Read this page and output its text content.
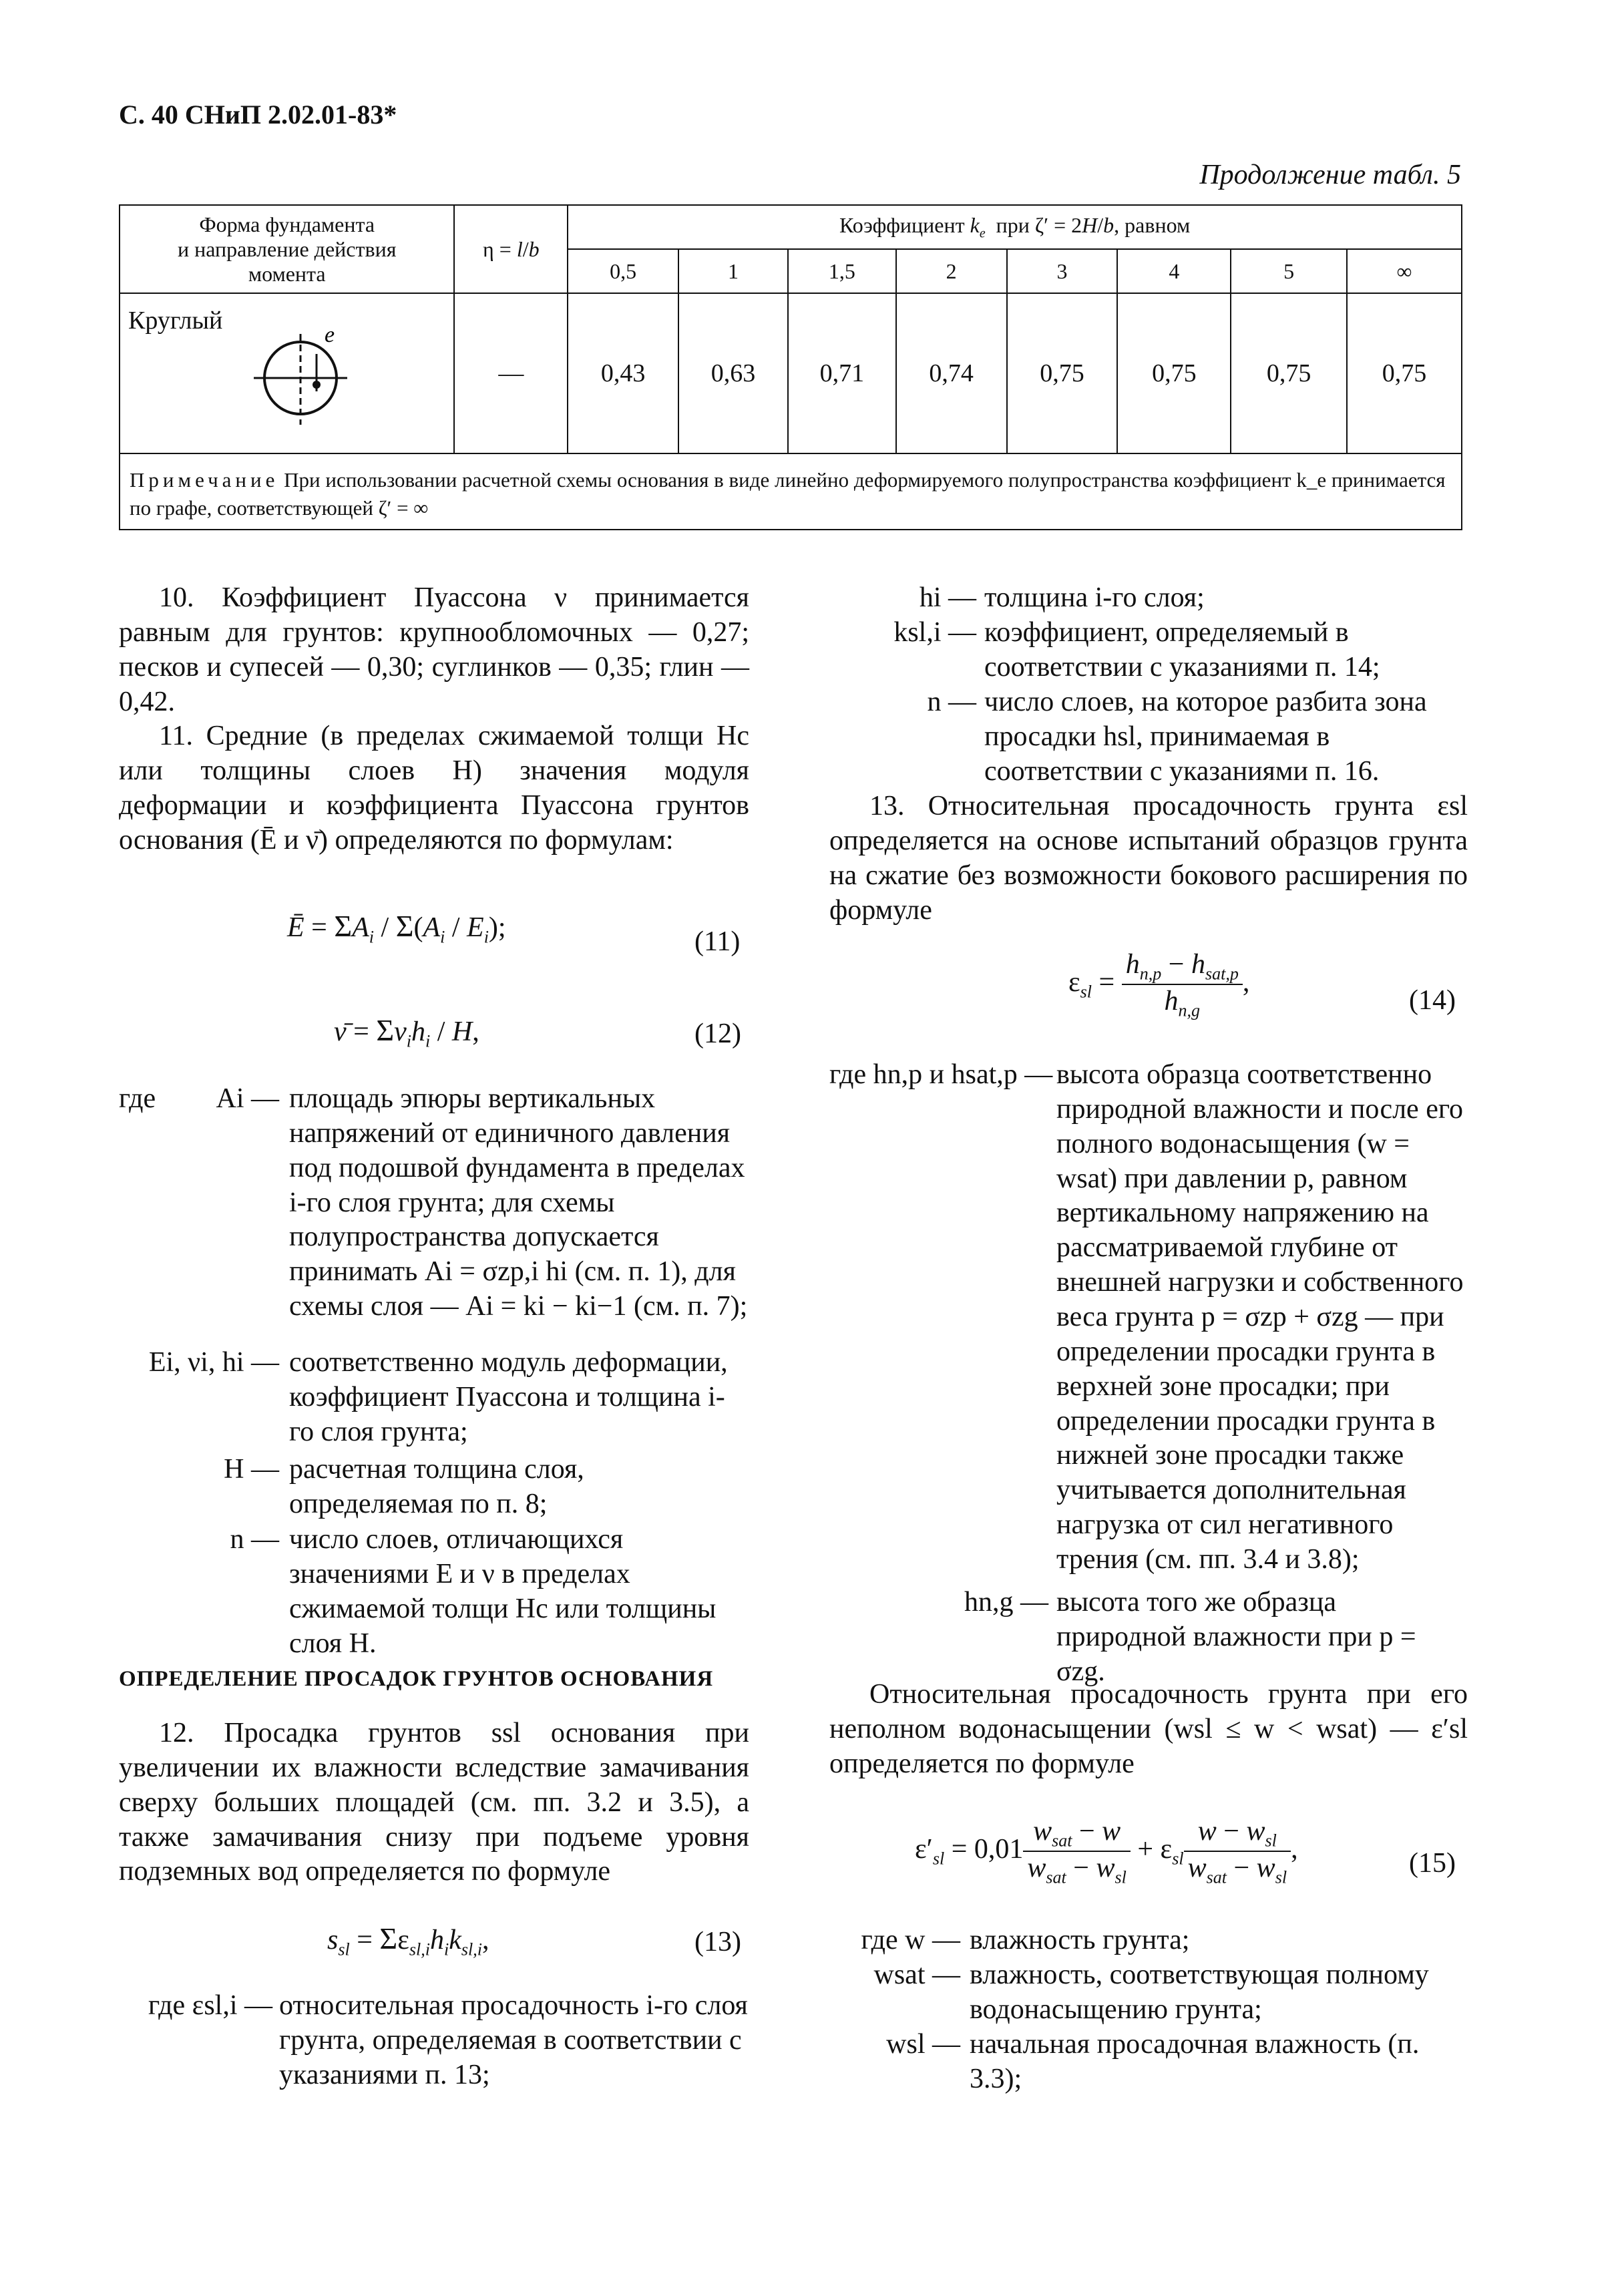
С. 40 СНиП 2.02.01-83*
Продолжение табл. 5
Форма фундамента
и направление действия
момента	η = l/b	Коэффициент $k_e$  при ζ′ = 2H/b, равном							
		0,5	1	1,5	2	3	4	5	∞
Круглый
e	—	0,43	0,63	0,71	0,74	0,75	0,75	0,75	0,75
Примечание При использовании расчетной схемы основания в виде линейно деформируемого полупространства коэффициент k_e принимается по графе, соответствующей ζ′ = ∞									

10. Коэффициент Пуассона ν принимается равным для грунтов: крупнообломочных — 0,27; песков и супесей — 0,30; суглинков — 0,35; глин — 0,42.

11. Средние (в пределах сжимаемой толщи Hc или толщины слоев H) значения модуля деформации и коэффициента Пуассона грунтов основания (Ē и ν̄) определяются по формулам:

Ē = $\Sigma A_i / \Sigma(A_i / E_i)$;	(11)
ν̄ = $\Sigma\nu_ih_i$ / H,	(12)
где	Ai — площадь эпюры вертикальных напряжений от единичного давления под подошвой фундамента в пределах i-го слоя грунта; для схемы полупространства допускается принимать Ai = σzp,i hi (см. п. 1), для схемы слоя — Ai = ki − ki−1 (см. п. 7);
Ei, νi, hi — соответственно модуль деформации, коэффициент Пуассона и толщина i-го слоя грунта;
H — расчетная толщина слоя, определяемая по п. 8;
n — число слоев, отличающихся значениями E и ν в пределах сжимаемой толщи Hc или толщины слоя H.
ОПРЕДЕЛЕНИЕ ПРОСАДОК ГРУНТОВ ОСНОВАНИЯ

12. Просадка грунтов ssl основания при увеличении их влажности вследствие замачивания сверху больших площадей (см. пп. 3.2 и 3.5), а также замачивания снизу при подъеме уровня подземных вод определяется по формуле

$s_{sl} = \Sigma\varepsilon_{sl,i}h_ik_{sl,i}$,	(13)
где εsl,i — относительная просадочность i-го слоя грунта, определяемая в соответствии с указаниями п. 13;
hi — толщина i-го слоя;
ksl,i — коэффициент, определяемый в соответствии с указаниями п. 14;
n — число слоев, на которое разбита зона просадки hsl, принимаемая в соответствии с указаниями п. 16.

13. Относительная просадочность грунта εsl определяется на основе испытаний образцов грунта на сжатие без возможности бокового расширения по формуле

$\varepsilon_{sl} = \frac{h_{n,p} - h_{sat,p}}{h_{n,g}}$ ,
(14)
где hn,p и hsat,p — высота образца соответственно природной влажности и после его полного водонасыщения (w = wsat) при давлении p, равном вертикальному напряжению на рассматриваемой глубине от внешней нагрузки и собственного веса грунта p = σzp + σzg — при определении просадки грунта в верхней зоне просадки; при определении просадки грунта в нижней зоне просадки также учитывается дополнительная нагрузка от сил негативного трения (см. пп. 3.4 и 3.8);
hn,g — высота того же образца природной влажности при p = σzg.

Относительная просадочность грунта при его неполном водонасыщении (wsl ≤ w < wsat) — ε′sl определяется по формуле

$\varepsilon'_{sl} = 0,01 \frac{w_{sat} - w}{w_{sat} - w_{sl}} + \varepsilon_{sl} \frac{w - w_{sl}}{w_{sat} - w_{sl}}$ ,	(15)
где w — влажность грунта;
wsat — влажность, соответствующая полному водонасыщению грунта;
wsl — начальная просадочная влажность (п. 3.3);
